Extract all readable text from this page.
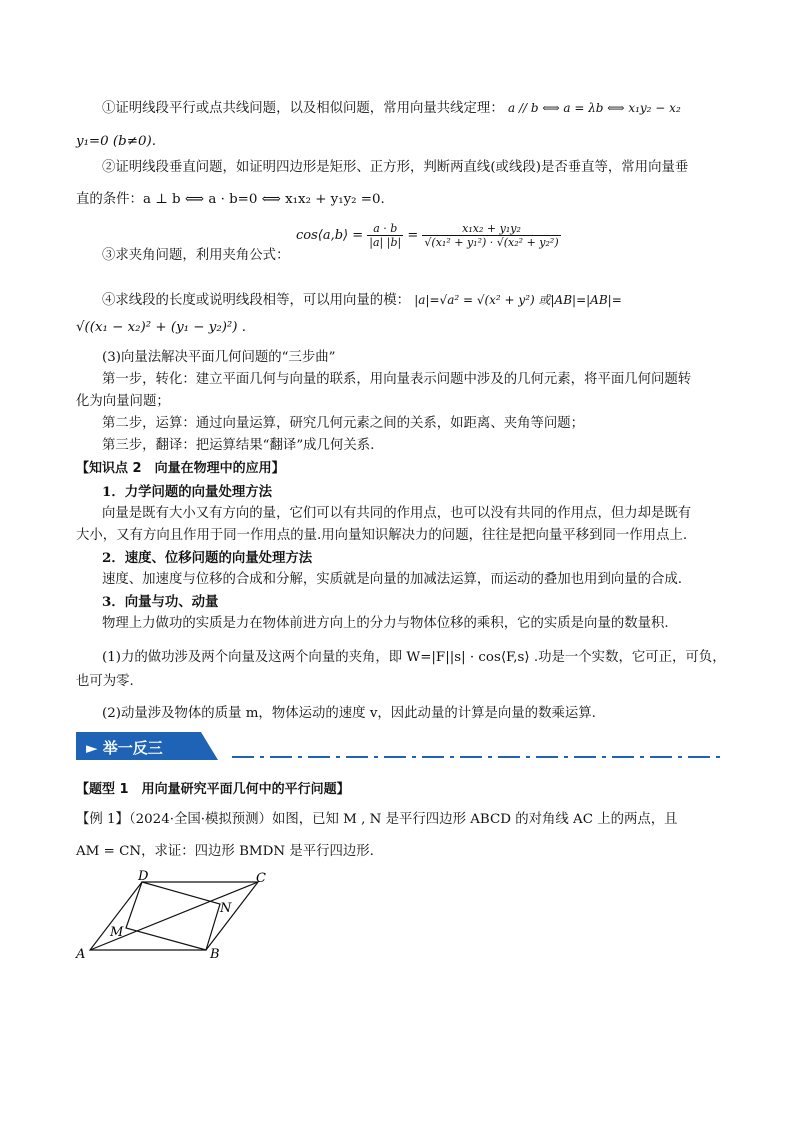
①证明线段平行或点共线问题，以及相似问题，常用向量共线定理： a // b ⟺ a = λb ⟺ x₁y₂ − x₂
y₁=0 (b≠0).
②证明线段垂直问题，如证明四边形是矩形、正方形，判断两直线(或线段)是否垂直等，常用向量垂
直的条件：a ⊥ b ⟺ a · b=0 ⟺ x₁x₂ + y₁y₂ =0.
③求夹角问题，利用夹角公式：
cos⟨a,b⟩ = $\frac{a \cdot b}{|a| |b|} = \frac{\text{x₁x₂ + y₁y₂}}{\text{√(x₁² + y₁²) · √(x₂² + y₂²)}}$
④求线段的长度或说明线段相等，可以用向量的模： |a|=√a² = √(x² + y²) 或|AB|=|AB|=
√((x₁ − x₂)² + (y₁ − y₂)²) .
(3)向量法解决平面几何问题的“三步曲”
第一步，转化：建立平面几何与向量的联系，用向量表示问题中涉及的几何元素，将平面几何问题转
化为向量问题；
第二步，运算：通过向量运算，研究几何元素之间的关系，如距离、夹角等问题；
第三步，翻译：把运算结果“翻译”成几何关系.
【知识点 2　向量在物理中的应用】
1．力学问题的向量处理方法
向量是既有大小又有方向的量，它们可以有共同的作用点，也可以没有共同的作用点，但力却是既有
大小，又有方向且作用于同一作用点的量.用向量知识解决力的问题，往往是把向量平移到同一作用点上.
2．速度、位移问题的向量处理方法
速度、加速度与位移的合成和分解，实质就是向量的加减法运算，而运动的叠加也用到向量的合成.
3．向量与功、动量
物理上力做功的实质是力在物体前进方向上的分力与物体位移的乘积，它的实质是向量的数量积.
(1)力的做功涉及两个向量及这两个向量的夹角，即 W=|F||s| · cos⟨F,s⟩ .功是一个实数，它可正，可负，
也可为零.
(2)动量涉及物体的质量 m，物体运动的速度 v，因此动量的计算是向量的数乘运算.
► 举一反三
【题型 1　用向量研究平面几何中的平行问题】
【例 1】（2024·全国·模拟预测）如图，已知 M , N 是平行四边形 ABCD 的对角线 AC 上的两点，且
AM = CN，求证：四边形 BMDN 是平行四边形.
A	B
C
D
M
N
